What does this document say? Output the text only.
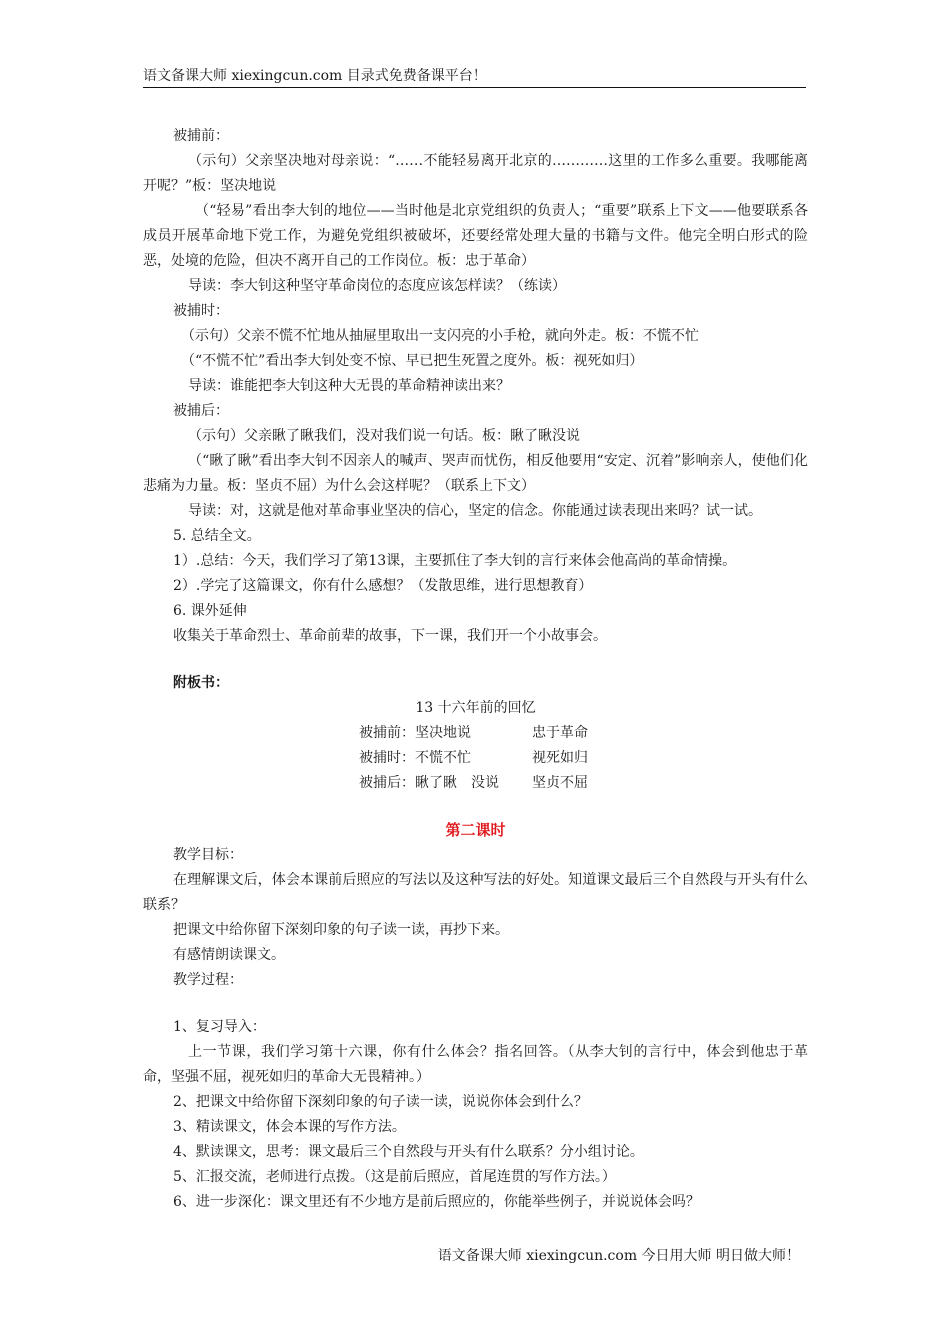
语文备课大师 xiexingcun.com 目录式免费备课平台！

被捕前：

（示句）父亲坚决地对母亲说：“……不能轻易离开北京的…………这里的工作多么重要。我哪能离开呢？”板：坚决地说

（“轻易”看出李大钊的地位——当时他是北京党组织的负责人；“重要”联系上下文——他要联系各成员开展革命地下党工作，为避免党组织被破坏，还要经常处理大量的书籍与文件。他完全明白形式的险恶，处境的危险，但决不离开自己的工作岗位。板：忠于革命）

导读：李大钊这种坚守革命岗位的态度应该怎样读？（练读）

被捕时：

（示句）父亲不慌不忙地从抽屉里取出一支闪亮的小手枪，就向外走。板：不慌不忙

（“不慌不忙”看出李大钊处变不惊、早已把生死置之度外。板：视死如归）

导读：谁能把李大钊这种大无畏的革命精神读出来？

被捕后：

（示句）父亲瞅了瞅我们，没对我们说一句话。板：瞅了瞅没说

（“瞅了瞅”看出李大钊不因亲人的喊声、哭声而忧伤，相反他要用“安定、沉着”影响亲人，使他们化悲痛为力量。板：坚贞不屈）为什么会这样呢？（联系上下文）

导读：对，这就是他对革命事业坚决的信心，坚定的信念。你能通过读表现出来吗？试一试。

5. 总结全文。

1）.总结：今天，我们学习了第13课，主要抓住了李大钊的言行来体会他高尚的革命情操。

2）.学完了这篇课文，你有什么感想？（发散思维，进行思想教育）

6. 课外延伸

收集关于革命烈士、革命前辈的故事，下一课，我们开一个小故事会。

附板书：

13 十六年前的回忆

被捕前：坚决地说	忠于革命
被捕时：不慌不忙	视死如归
被捕后：瞅了瞅　没说 坚贞不屈

第二课时

教学目标：

在理解课文后，体会本课前后照应的写法以及这种写法的好处。知道课文最后三个自然段与开头有什么联系？

把课文中给你留下深刻印象的句子读一读，再抄下来。

有感情朗读课文。

教学过程：

1、复习导入：

上一节课，我们学习第十六课，你有什么体会？指名回答。（从李大钊的言行中，体会到他忠于革命，坚强不屈，视死如归的革命大无畏精神。）

2、把课文中给你留下深刻印象的句子读一读，说说你体会到什么？

3、精读课文，体会本课的写作方法。

4、默读课文，思考：课文最后三个自然段与开头有什么联系？分小组讨论。

5、汇报交流，老师进行点拨。（这是前后照应，首尾连贯的写作方法。）

6、进一步深化：课文里还有不少地方是前后照应的，你能举些例子，并说说体会吗？

语文备课大师 xiexingcun.com 今日用大师 明日做大师！
